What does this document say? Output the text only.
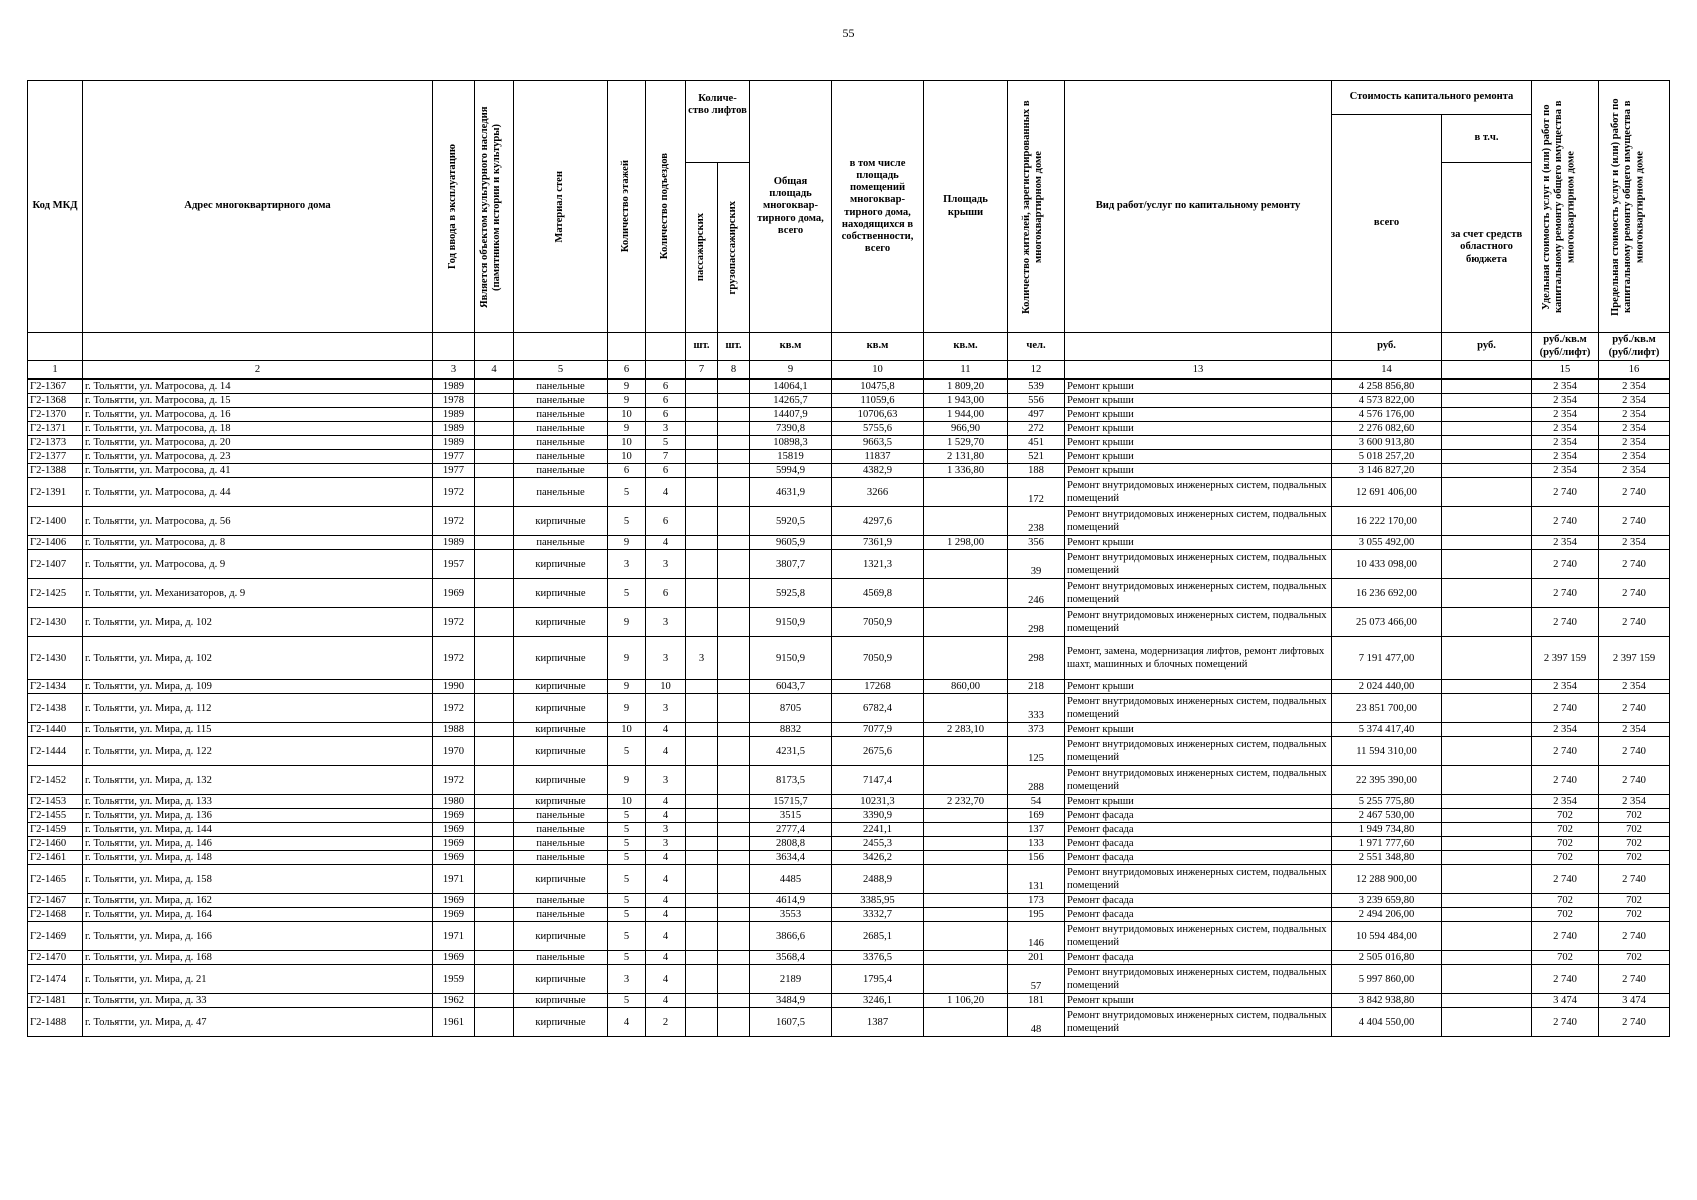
55
Код МКД	Адрес многоквартирного дома	Год ввода в эксплуатацию	Является объектом культурного наследия (памятником истории и культуры)	Материал стен	Количество этажей	Количество подъездов	Количе-ство лифтов		Общая площадь многоквар-тирного дома, всего	в том числе площадь помещений многоквар-тирного дома, находящихся в собственности, всего	Площадь крыши	Количество жителей, зарегистрированных в многоквартирном доме	Вид работ/услуг по капитальному ремонту	Стоимость капитального ремонта		Удельная стоимость услуг и (или) работ по капитальному ремонту общего имущества в многоквартирном доме	Предельная стоимость услуг и (или) работ по капитальному ремонту общего имущества в многоквартирном доме

														всего	в т.ч.		

							пассажирских	грузопассажирских							за счет средств областного бюджета		
							шт.	шт.	кв.м	кв.м	кв.м.	чел.		руб.	руб.	руб./кв.м (руб/лифт)	руб./кв.м (руб/лифт)
1	2	3	4	5	6		7	8	9	10	11	12	13	14		15	16
Г2-1367	г. Тольятти, ул. Матросова, д. 14	1989		панельные	9	6			14064,1	10475,8	1 809,20	539	Ремонт крыши	4 258 856,80		2 354	2 354
Г2-1368	г. Тольятти, ул. Матросова, д. 15	1978		панельные	9	6			14265,7	11059,6	1 943,00	556	Ремонт крыши	4 573 822,00		2 354	2 354
Г2-1370	г. Тольятти, ул. Матросова, д. 16	1989		панельные	10	6			14407,9	10706,63	1 944,00	497	Ремонт крыши	4 576 176,00		2 354	2 354
Г2-1371	г. Тольятти, ул. Матросова, д. 18	1989		панельные	9	3			7390,8	5755,6	966,90	272	Ремонт крыши	2 276 082,60		2 354	2 354
Г2-1373	г. Тольятти, ул. Матросова, д. 20	1989		панельные	10	5			10898,3	9663,5	1 529,70	451	Ремонт крыши	3 600 913,80		2 354	2 354
Г2-1377	г. Тольятти, ул. Матросова, д. 23	1977		панельные	10	7			15819	11837	2 131,80	521	Ремонт крыши	5 018 257,20		2 354	2 354
Г2-1388	г. Тольятти, ул. Матросова, д. 41	1977		панельные	6	6			5994,9	4382,9	1 336,80	188	Ремонт крыши	3 146 827,20		2 354	2 354
Г2-1391	г. Тольятти, ул. Матросова, д. 44	1972		панельные	5	4			4631,9	3266		172	Ремонт внутридомовых инженерных систем, подвальных помещений	12 691 406,00		2 740	2 740
Г2-1400	г. Тольятти, ул. Матросова, д. 56	1972		кирпичные	5	6			5920,5	4297,6		238	Ремонт внутридомовых инженерных систем, подвальных помещений	16 222 170,00		2 740	2 740
Г2-1406	г. Тольятти, ул. Матросова, д. 8	1989		панельные	9	4			9605,9	7361,9	1 298,00	356	Ремонт крыши	3 055 492,00		2 354	2 354
Г2-1407	г. Тольятти, ул. Матросова, д. 9	1957		кирпичные	3	3			3807,7	1321,3		39	Ремонт внутридомовых инженерных систем, подвальных помещений	10 433 098,00		2 740	2 740
Г2-1425	г. Тольятти, ул. Механизаторов, д. 9	1969		кирпичные	5	6			5925,8	4569,8		246	Ремонт внутридомовых инженерных систем, подвальных помещений	16 236 692,00		2 740	2 740
Г2-1430	г. Тольятти, ул. Мира, д. 102	1972		кирпичные	9	3			9150,9	7050,9		298	Ремонт внутридомовых инженерных систем, подвальных помещений	25 073 466,00		2 740	2 740
Г2-1430	г. Тольятти, ул. Мира, д. 102	1972		кирпичные	9	3	3		9150,9	7050,9		298	Ремонт, замена, модернизация лифтов, ремонт лифтовых шахт, машинных и блочных помещений	7 191 477,00		2 397 159	2 397 159
Г2-1434	г. Тольятти, ул. Мира, д. 109	1990		кирпичные	9	10			6043,7	17268	860,00	218	Ремонт крыши	2 024 440,00		2 354	2 354
Г2-1438	г. Тольятти, ул. Мира, д. 112	1972		кирпичные	9	3			8705	6782,4		333	Ремонт внутридомовых инженерных систем, подвальных помещений	23 851 700,00		2 740	2 740
Г2-1440	г. Тольятти, ул. Мира, д. 115	1988		кирпичные	10	4			8832	7077,9	2 283,10	373	Ремонт крыши	5 374 417,40		2 354	2 354
Г2-1444	г. Тольятти, ул. Мира, д. 122	1970		кирпичные	5	4			4231,5	2675,6		125	Ремонт внутридомовых инженерных систем, подвальных помещений	11 594 310,00		2 740	2 740
Г2-1452	г. Тольятти, ул. Мира, д. 132	1972		кирпичные	9	3			8173,5	7147,4		288	Ремонт внутридомовых инженерных систем, подвальных помещений	22 395 390,00		2 740	2 740
Г2-1453	г. Тольятти, ул. Мира, д. 133	1980		кирпичные	10	4			15715,7	10231,3	2 232,70	54	Ремонт крыши	5 255 775,80		2 354	2 354
Г2-1455	г. Тольятти, ул. Мира, д. 136	1969		панельные	5	4			3515	3390,9		169	Ремонт фасада	2 467 530,00		702	702
Г2-1459	г. Тольятти, ул. Мира, д. 144	1969		панельные	5	3			2777,4	2241,1		137	Ремонт фасада	1 949 734,80		702	702
Г2-1460	г. Тольятти, ул. Мира, д. 146	1969		панельные	5	3			2808,8	2455,3		133	Ремонт фасада	1 971 777,60		702	702
Г2-1461	г. Тольятти, ул. Мира, д. 148	1969		панельные	5	4			3634,4	3426,2		156	Ремонт фасада	2 551 348,80		702	702
Г2-1465	г. Тольятти, ул. Мира, д. 158	1971		кирпичные	5	4			4485	2488,9		131	Ремонт внутридомовых инженерных систем, подвальных помещений	12 288 900,00		2 740	2 740
Г2-1467	г. Тольятти, ул. Мира, д. 162	1969		панельные	5	4			4614,9	3385,95		173	Ремонт фасада	3 239 659,80		702	702
Г2-1468	г. Тольятти, ул. Мира, д. 164	1969		панельные	5	4			3553	3332,7		195	Ремонт фасада	2 494 206,00		702	702
Г2-1469	г. Тольятти, ул. Мира, д. 166	1971		кирпичные	5	4			3866,6	2685,1		146	Ремонт внутридомовых инженерных систем, подвальных помещений	10 594 484,00		2 740	2 740
Г2-1470	г. Тольятти, ул. Мира, д. 168	1969		панельные	5	4			3568,4	3376,5		201	Ремонт фасада	2 505 016,80		702	702
Г2-1474	г. Тольятти, ул. Мира, д. 21	1959		кирпичные	3	4			2189	1795,4		57	Ремонт внутридомовых инженерных систем, подвальных помещений	5 997 860,00		2 740	2 740
Г2-1481	г. Тольятти, ул. Мира, д. 33	1962		кирпичные	5	4			3484,9	3246,1	1 106,20	181	Ремонт крыши	3 842 938,80		3 474	3 474
Г2-1488	г. Тольятти, ул. Мира, д. 47	1961		кирпичные	4	2			1607,5	1387		48	Ремонт внутридомовых инженерных систем, подвальных помещений	4 404 550,00		2 740	2 740
